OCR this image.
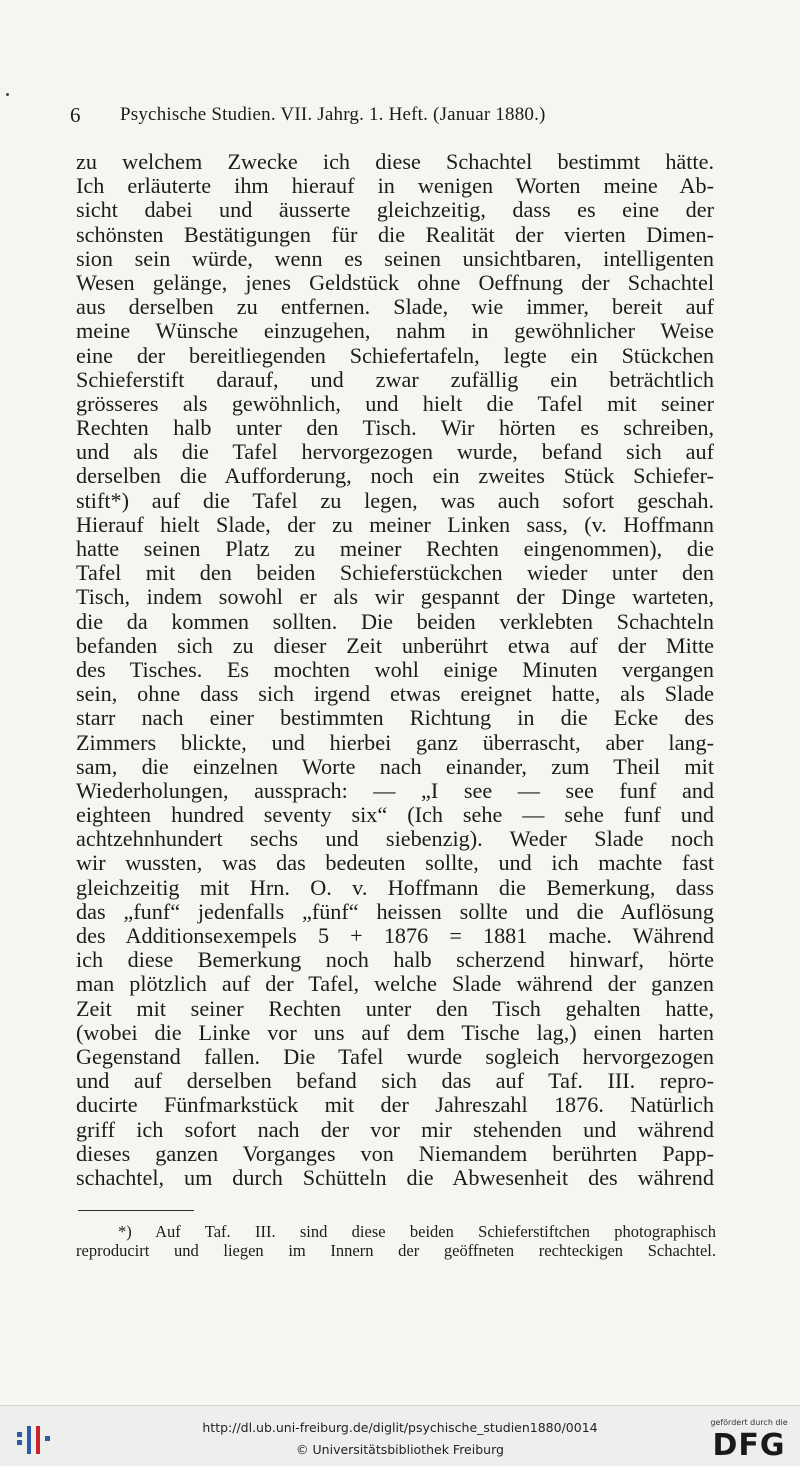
6 Psychische Studien. VII. Jahrg. 1. Heft. (Januar 1880.)
zu welchem Zwecke ich diese Schachtel bestimmt hätte.
Ich erläuterte ihm hierauf in wenigen Worten meine Ab-
sicht dabei und äusserte gleichzeitig, dass es eine der
schönsten Bestätigungen für die Realität der vierten Dimen-
sion sein würde, wenn es seinen unsichtbaren, intelligenten
Wesen gelänge, jenes Geldstück ohne Oeffnung der Schachtel
aus derselben zu entfernen. Slade, wie immer, bereit auf
meine Wünsche einzugehen, nahm in gewöhnlicher Weise
eine der bereitliegenden Schiefertafeln, legte ein Stückchen
Schieferstift darauf, und zwar zufällig ein beträchtlich
grösseres als gewöhnlich, und hielt die Tafel mit seiner
Rechten halb unter den Tisch. Wir hörten es schreiben,
und als die Tafel hervorgezogen wurde, befand sich auf
derselben die Aufforderung, noch ein zweites Stück Schiefer-
stift*) auf die Tafel zu legen, was auch sofort geschah.
Hierauf hielt Slade, der zu meiner Linken sass, (v. Hoffmann
hatte seinen Platz zu meiner Rechten eingenommen), die
Tafel mit den beiden Schieferstückchen wieder unter den
Tisch, indem sowohl er als wir gespannt der Dinge warteten,
die da kommen sollten. Die beiden verklebten Schachteln
befanden sich zu dieser Zeit unberührt etwa auf der Mitte
des Tisches. Es mochten wohl einige Minuten vergangen
sein, ohne dass sich irgend etwas ereignet hatte, als Slade
starr nach einer bestimmten Richtung in die Ecke des
Zimmers blickte, und hierbei ganz überrascht, aber lang-
sam, die einzelnen Worte nach einander, zum Theil mit
Wiederholungen, aussprach: — „I see — see funf and
eighteen hundred seventy six“ (Ich sehe — sehe funf und
achtzehnhundert sechs und siebenzig). Weder Slade noch
wir wussten, was das bedeuten sollte, und ich machte fast
gleichzeitig mit Hrn. O. v. Hoffmann die Bemerkung, dass
das „funf“ jedenfalls „fünf“ heissen sollte und die Auflösung
des Additionsexempels 5 + 1876 = 1881 mache. Während
ich diese Bemerkung noch halb scherzend hinwarf, hörte
man plötzlich auf der Tafel, welche Slade während der ganzen
Zeit mit seiner Rechten unter den Tisch gehalten hatte,
(wobei die Linke vor uns auf dem Tische lag,) einen harten
Gegenstand fallen. Die Tafel wurde sogleich hervorgezogen
und auf derselben befand sich das auf Taf. III. repro-
ducirte Fünfmarkstück mit der Jahreszahl 1876. Natürlich
griff ich sofort nach der vor mir stehenden und während
dieses ganzen Vorganges von Niemandem berührten Papp-
schachtel, um durch Schütteln die Abwesenheit des während
*) Auf Taf. III. sind diese beiden Schieferstiftchen photographisch
reproducirt und liegen im Innern der geöffneten rechteckigen Schachtel.
http://dl.ub.uni-freiburg.de/diglit/psychische_studien1880/0014
© Universitätsbibliothek Freiburg
gefördert durch die
DFG
